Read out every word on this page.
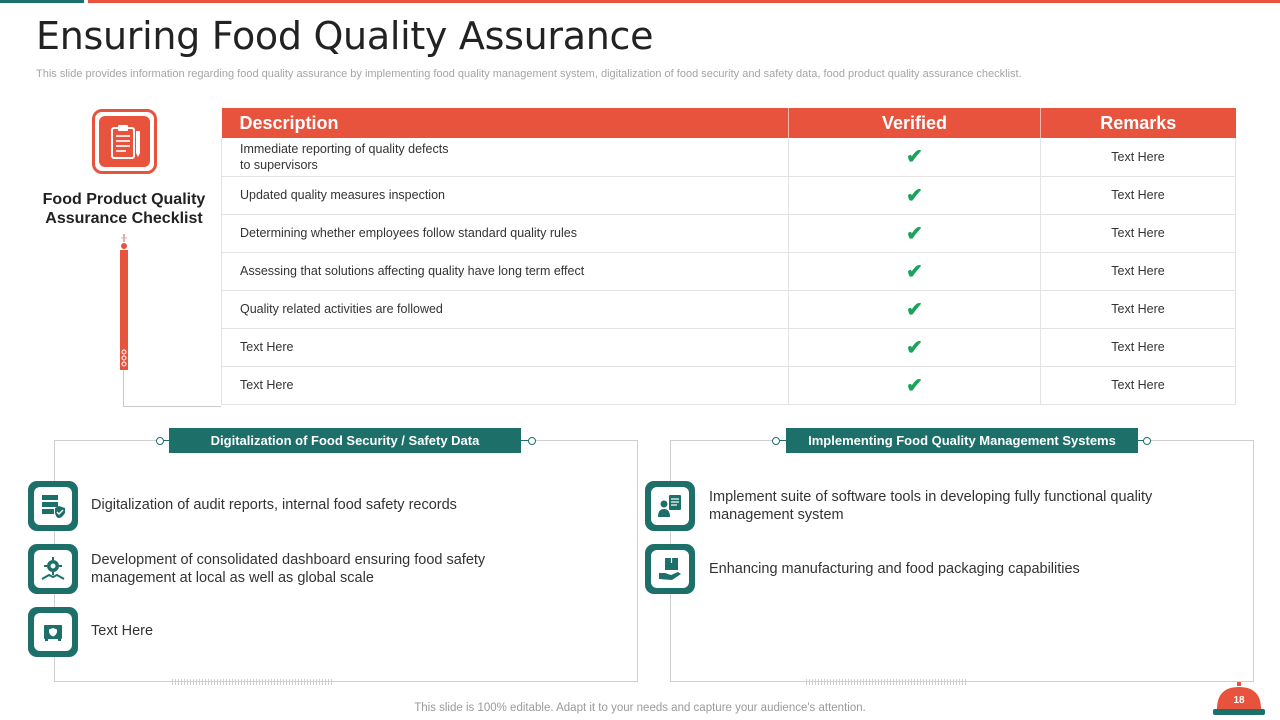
Ensuring Food Quality Assurance
This slide provides information regarding food quality assurance by implementing food quality management system, digitalization of food security and safety data, food product quality assurance checklist.
Food Product Quality
Assurance Checklist
Description	Verified	Remarks

Immediate reporting of quality defects
to supervisors	✔	Text Here
Updated quality measures inspection	✔	Text Here
Determining whether employees follow standard quality rules	✔	Text Here
Assessing that solutions affecting quality have long term effect	✔	Text Here
Quality related activities are followed	✔	Text Here
Text Here	✔	Text Here
Text Here	✔	Text Here
Digitalization of Food Security / Safety Data
Digitalization of audit reports, internal food safety records
Development of consolidated dashboard ensuring food safety
management at local as well as global scale
Text Here
Implementing Food Quality Management Systems
Implement suite of software tools in developing fully functional quality
management system
Enhancing manufacturing and food packaging capabilities
This slide is 100% editable. Adapt it to your needs and capture your audience's attention.
18
